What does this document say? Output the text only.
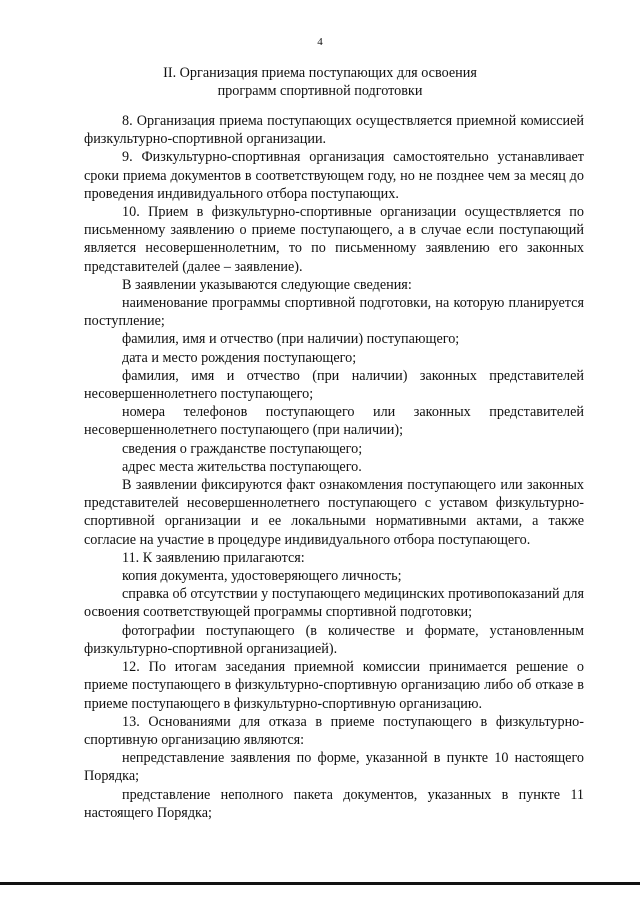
4
II. Организация приема поступающих для освоения
программ спортивной подготовки

8. Организация приема поступающих осуществляется приемной комиссией физкультурно-спортивной организации.

9. Физкультурно-спортивная организация самостоятельно устанавливает сроки приема документов в соответствующем году, но не позднее чем за месяц до проведения индивидуального отбора поступающих.

10. Прием в физкультурно-спортивные организации осуществляется по письменному заявлению о приеме поступающего, а в случае если поступающий является несовершеннолетним, то по письменному заявлению его законных представителей (далее – заявление).

В заявлении указываются следующие сведения:

наименование программы спортивной подготовки, на которую планируется поступление;

фамилия, имя и отчество (при наличии) поступающего;

дата и место рождения поступающего;

фамилия, имя и отчество (при наличии) законных представителей несовершеннолетнего поступающего;

номера телефонов поступающего или законных представителей несовершеннолетнего поступающего (при наличии);

сведения о гражданстве поступающего;

адрес места жительства поступающего.

В заявлении фиксируются факт ознакомления поступающего или законных представителей несовершеннолетнего поступающего с уставом физкультурно-спортивной организации и ее локальными нормативными актами, а также согласие на участие в процедуре индивидуального отбора поступающего.

11. К заявлению прилагаются:

копия документа, удостоверяющего личность;

справка об отсутствии у поступающего медицинских противопоказаний для освоения соответствующей программы спортивной подготовки;

фотографии поступающего (в количестве и формате, установленным физкультурно-спортивной организацией).

12. По итогам заседания приемной комиссии принимается решение о приеме поступающего в физкультурно-спортивную организацию либо об отказе в приеме поступающего в физкультурно-спортивную организацию.

13. Основаниями для отказа в приеме поступающего в физкультурно-спортивную организацию являются:

непредставление заявления по форме, указанной в пункте 10 настоящего Порядка;

представление неполного пакета документов, указанных в пункте 11 настоящего Порядка;
